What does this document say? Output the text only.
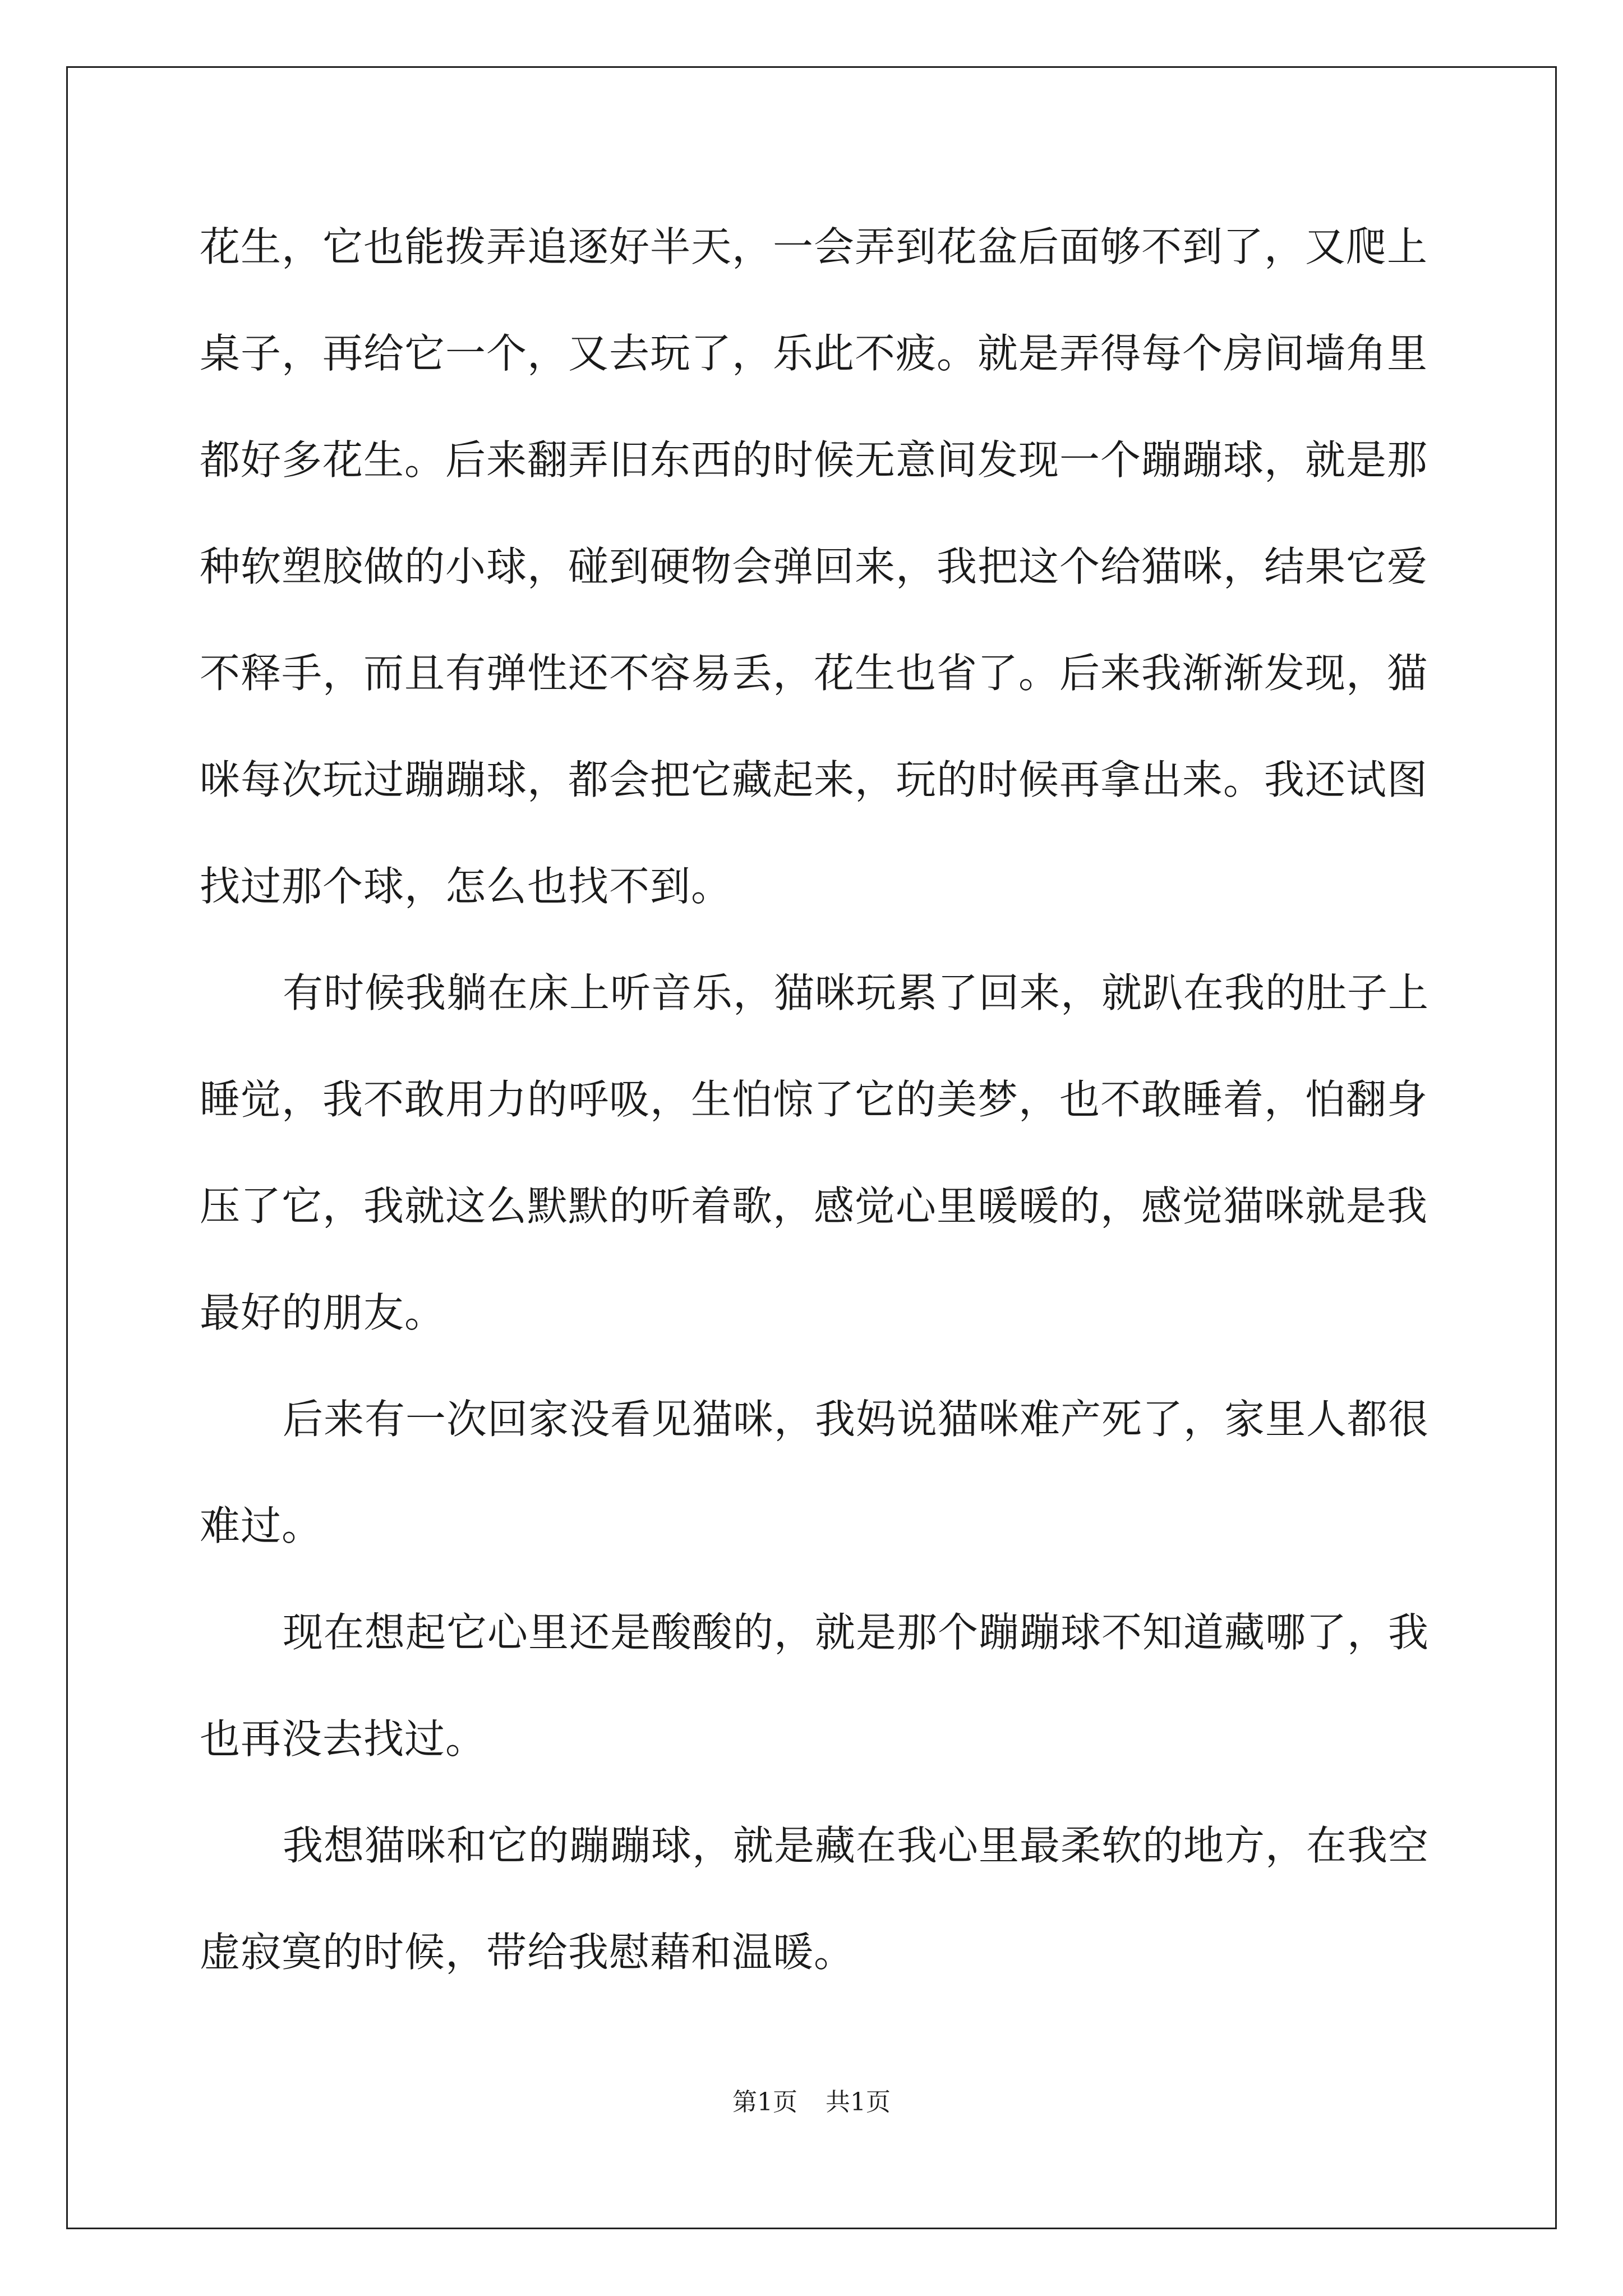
花生，它也能拨弄追逐好半天，一会弄到花盆后面够不到了，又爬上
桌子，再给它一个，又去玩了，乐此不疲。就是弄得每个房间墙角里
都好多花生。后来翻弄旧东西的时候无意间发现一个蹦蹦球，就是那
种软塑胶做的小球，碰到硬物会弹回来，我把这个给猫咪，结果它爱
不释手，而且有弹性还不容易丢，花生也省了。后来我渐渐发现，猫
咪每次玩过蹦蹦球，都会把它藏起来，玩的时候再拿出来。我还试图
找过那个球，怎么也找不到。
有时候我躺在床上听音乐，猫咪玩累了回来，就趴在我的肚子上
睡觉，我不敢用力的呼吸，生怕惊了它的美梦，也不敢睡着，怕翻身
压了它，我就这么默默的听着歌，感觉心里暖暖的，感觉猫咪就是我
最好的朋友。
后来有一次回家没看见猫咪，我妈说猫咪难产死了，家里人都很
难过。
现在想起它心里还是酸酸的，就是那个蹦蹦球不知道藏哪了，我
也再没去找过。
我想猫咪和它的蹦蹦球，就是藏在我心里最柔软的地方，在我空
虚寂寞的时候，带给我慰藉和温暖。
第1页 共1页
